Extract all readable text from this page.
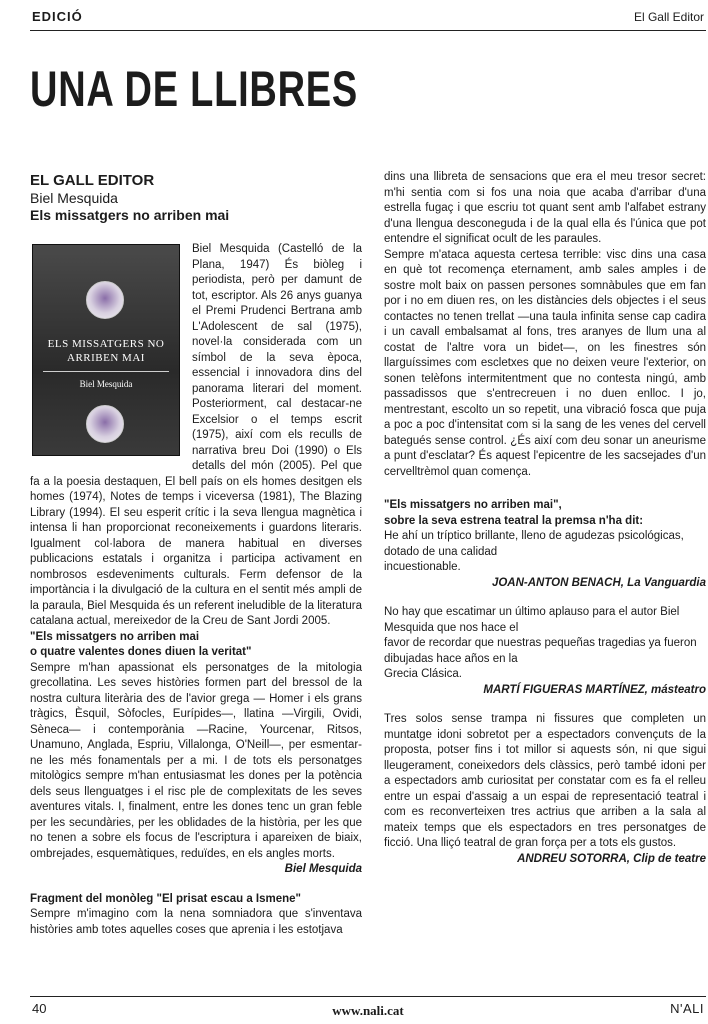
EDICIÓ	El Gall Editor
UNA DE LLIBRES
EL GALL EDITOR
Biel Mesquida
Els missatgers no arriben mai
ELS MISSATGERS NO
ARRIBEN MAI
Biel Mesquida

Biel Mesquida (Castelló de la Plana, 1947) És biòleg i periodista, però per damunt de tot, escriptor. Als 26 anys guanya el Premi Prudenci Bertrana amb L'Adolescent de sal (1975), novel·la considerada com un símbol de la seva època, essencial i innovadora dins del panorama literari del moment. Posteriorment, cal destacar-ne Excelsior o el temps escrit (1975), així com els reculls de narrativa breu Doi (1990) o Els detalls del món (2005). Pel que fa a la poesia destaquen, El bell país on els homes desitgen els homes (1974), Notes de temps i viceversa (1981), The Blazing Library (1994). El seu esperit crític i la seva llengua magnètica i intensa li han proporcionat reconeixements i guardons literaris. Igualment col·labora de manera habitual en diverses publicacions estatals i organitza i participa activament en nombrosos esdeveniments culturals. Ferm defensor de la importància i la divulgació de la cultura en el sentit més ampli de la paraula, Biel Mesquida és un referent ineludible de la literatura catalana actual, mereixedor de la Creu de Sant Jordi 2005.

"Els missatgers no arriben mai

o quatre valentes dones diuen la veritat"

Sempre m'han apassionat els personatges de la mitologia grecollatina. Les seves històries formen part del bressol de la nostra cultura literària des de l'avior grega — Homer i els grans tràgics, Èsquil, Sòfocles, Eurípides—, llatina —Virgili, Ovidi, Sèneca— i contemporània —Racine, Yourcenar, Ritsos, Unamuno, Anglada, Espriu, Villalonga, O'Neill—, per esmentar-ne les més fonamentals per a mi. I de tots els personatges mitològics sempre m'han entusiasmat les dones per la potència dels seus llenguatges i el risc ple de complexitats de les seves aventures vitals. I, finalment, entre les dones tenc un gran feble per les secundàries, per les oblidades de la història, per les que no tenen a sobre els focus de l'escriptura i apareixen de biaix, ombrejades, esquemàtiques, reduïdes, en els angles morts.

Biel Mesquida

Fragment del monòleg "El prisat escau a Ismene"

Sempre m'imagino com la nena somniadora que s'inventava històries amb totes aquelles coses que aprenia i les estotjava

dins una llibreta de sensacions que era el meu tresor secret: m'hi sentia com si fos una noia que acaba d'arribar d'una estrella fugaç i que escriu tot quant sent amb l'alfabet estrany d'una llengua desconeguda i de la qual ella és l'única que pot entendre el significat ocult de les paraules.

Sempre m'ataca aquesta certesa terrible: visc dins una casa en què tot recomença eternament, amb sales amples i de sostre molt baix on passen persones somnàbules que em fan por i no em diuen res, on les distàncies dels objectes i el seus contactes no tenen trellat —una taula infinita sense cap cadira i un cavall embalsamat al fons, tres aranyes de llum una al costat de l'altre vora un bidet—, on les finestres són llarguíssimes com escletxes que no deixen veure l'exterior, on sonen telèfons intermitentment que no contesta ningú, amb passadissos que s'entrecreuen i no duen enlloc. I jo, mentrestant, escolto un so repetit, una vibració fosca que puja a poc a poc d'intensitat com si la sang de les venes del cervell bategués sense control. ¿És així com deu sonar un aneurisme a punt d'esclatar? És aquest l'epicentre de les sacsejades d'un cervelltrèmol quan comença.

"Els missatgers no arriben mai",

sobre la seva estrena teatral la premsa n'ha dit:

He ahí un tríptico brillante, lleno de agudezas psicológicas,

dotado de una calidad

incuestionable.

JOAN-ANTON BENACH, La Vanguardia

No hay que escatimar un último aplauso para el autor Biel Mesquida que nos hace el

favor de recordar que nuestras pequeñas tragedias ya fueron dibujadas hace años en la

Grecia Clásica.

MARTÍ FIGUERAS MARTÍNEZ, másteatro

Tres solos sense trampa ni fissures que completen un muntatge idoni sobretot per a espectadors convençuts de la proposta, potser fins i tot millor si aquests són, ni que sigui lleugerament, coneixedors dels clàssics, però també idoni per a espectadors amb curiositat per constatar com es fa el relleu entre un espai d'assaig a un espai de representació teatral i com es reconverteixen tres actrius que arriben a la sala al mateix temps que els espectadors en tres personatges de ficció. Una lliçó teatral de gran força per a tots els gustos.

ANDREU SOTORRA, Clip de teatre

40	www.nali.cat	N'ALI
